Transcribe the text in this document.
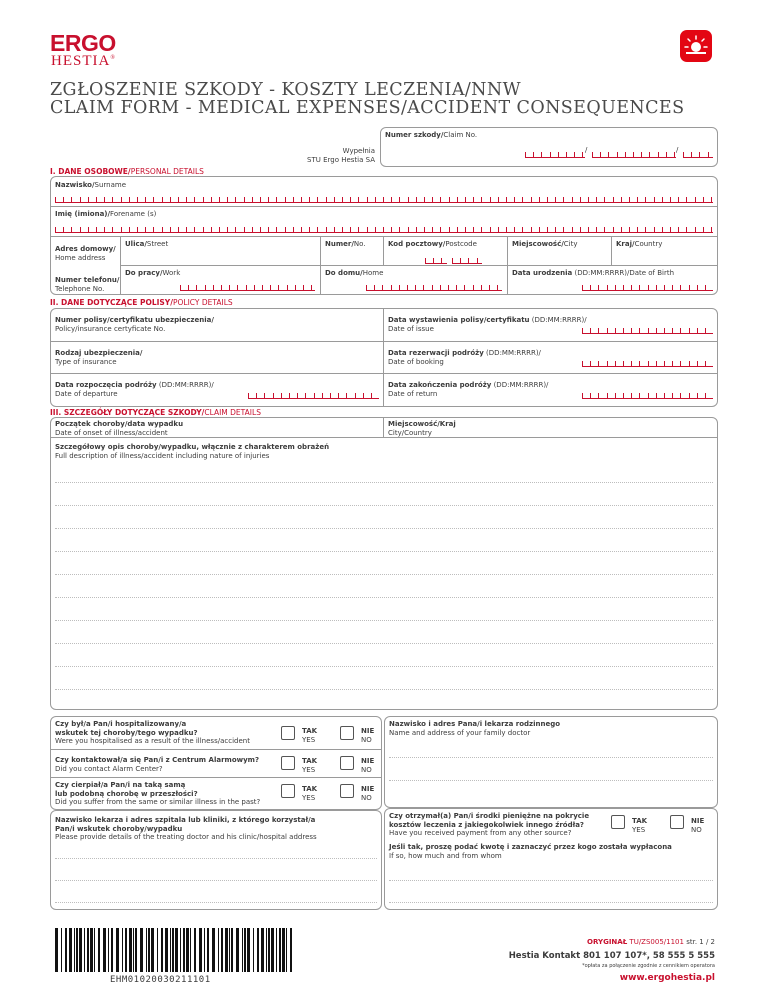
ERGO
HESTIA®
ZGŁOSZENIE SZKODY - KOSZTY LECZENIA/NNW
CLAIM FORM - MEDICAL EXPENSES/ACCIDENT CONSEQUENCES
Wypełnia
STU Ergo Hestia SA
Numer szkody/Claim No.
/	/
I. DANE OSOBOWE/PERSONAL DETAILS
Nazwisko/Surname
Imię (imiona)/Forename (s)
Adres domowy/
Home address
Ulica/Street	Numer/No.	Kod pocztowy/Postcode	Miejscowość/City	Kraj/Country
Numer telefonu/
Telephone No.
Do pracy/Work	Do domu/Home	Data urodzenia (DD:MM:RRRR)/Date of Birth
II. DANE DOTYCZĄCE POLISY/POLICY DETAILS
Numer polisy/certyfikatu ubezpieczenia/
Policy/insurance certyficate No.
Data wystawienia polisy/certyfikatu (DD:MM:RRRR)/
Date of issue
Rodzaj ubezpieczenia/
Type of insurance
Data rezerwacji podróży (DD:MM:RRRR)/
Date of booking
Data rozpoczęcia podróży (DD:MM:RRRR)/
Date of departure
Data zakończenia podróży (DD:MM:RRRR)/
Date of return
III. SZCZEGÓŁY DOTYCZĄCE SZKODY/CLAIM DETAILS
Początek choroby/data wypadku
Date of onset of illness/accident
Miejscowość/Kraj
City/Country
Szczegółowy opis choroby/wypadku, włącznie z charakterem obrażeń
Full description of illness/accident including nature of injuries
Czy był/a Pan/i hospitalizowany/a
wskutek tej choroby/tego wypadku?
Were you hospitalised as a result of the illness/accident
TAK
YES
NIE
NO
Czy kontaktował/a się Pan/i z Centrum Alarmowym?
Did you contact Alarm Center?
TAK
YES
NIE
NO
Czy cierpiał/a Pan/i na taką samą
lub podobną chorobę w przeszłości?
Did you suffer from the same or similar illness in the past?
TAK
YES
NIE
NO
Nazwisko lekarza i adres szpitala lub kliniki, z którego korzystał/a
Pan/i wskutek choroby/wypadku
Please provide details of the treating doctor and his clinic/hospital address
Nazwisko i adres Pana/i lekarza rodzinnego
Name and address of your family doctor
Czy otrzymał(a) Pan/i środki pieniężne na pokrycie
kosztów leczenia z jakiegokolwiek innego źródła?
Have you received payment from any other source?
TAK
YES
NIE
NO
Jeśli tak, proszę podać kwotę i zaznaczyć przez kogo została wypłacona
If so, how much and from whom
EHM01020030211101
ORYGINAŁ TU/ZS005/1101 str. 1 / 2
Hestia Kontakt 801 107 107*, 58 555 5 555
*opłata za połączenie zgodnie z cennikiem operatora
www.ergohestia.pl
